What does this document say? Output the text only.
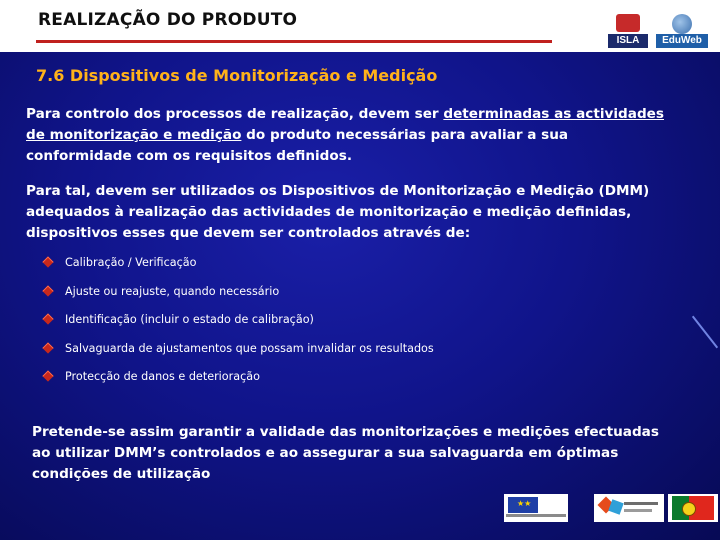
REALIZAÇÃO DO PRODUTO
ISLA	EduWeb
7.6 Dispositivos de Monitorização e Medição
Para controlo dos processos de realização, devem ser determinadas as actividades de monitorização e medição do produto necessárias para avaliar a sua conformidade com os requisitos definidos.
Para tal, devem ser utilizados os Dispositivos de Monitorização e Medição (DMM) adequados à realização das actividades de monitorização e medição definidas, dispositivos esses que devem ser controlados através de:
Calibração / Verificação
Ajuste ou reajuste, quando necessário
Identificação (incluir o estado de calibração)
Salvaguarda de ajustamentos que possam invalidar os resultados
Protecção de danos e deterioração
Pretende-se assim garantir a validade das monitorizações e medições efectuadas ao utilizar DMM’s controlados e ao assegurar a sua salvaguarda em óptimas condições de utilização
★★
